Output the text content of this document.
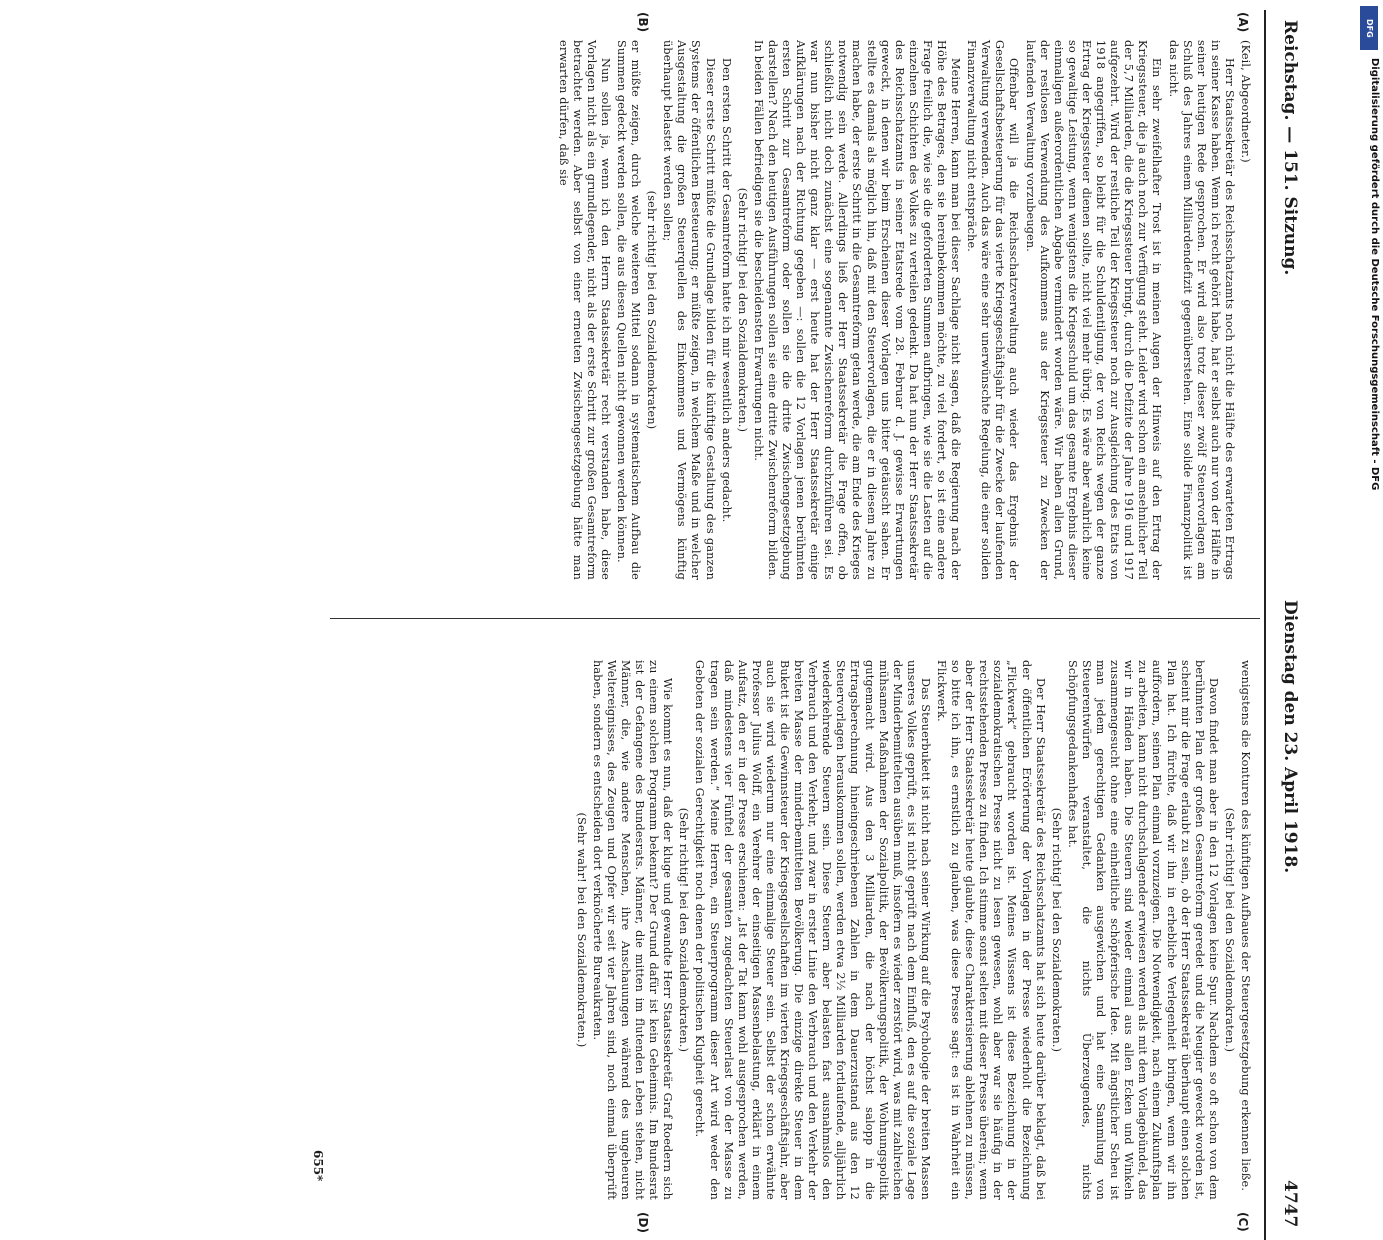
Reichstag. — 151. Sitzung.
Dienstag den 23. April 1918.
4747
(A)
(B)

(Keil, Abgeordneter.)

Herr Staatssekretär des Reichsschatzamts noch nicht die Hälfte des erwarteten Ertrags in seiner Kasse haben. Wenn ich recht gehört habe, hat er selbst auch nur von der Hälfte in seiner heutigen Rede gesprochen. Er wird also trotz dieser zwölf Steuervorlagen am Schluß des Jahres einem Milliardendefizit gegenüberstehen. Eine solide Finanzpolitik ist das nicht.

Ein sehr zweifelhafter Trost ist in meinen Augen der Hinweis auf den Ertrag der Kriegssteuer, die ja auch noch zur Verfügung steht. Leider wird schon ein ansehnlicher Teil der 5,7 Milliarden, die die Kriegssteuer bringt, durch die Defizite der Jahre 1916 und 1917 aufgezehrt. Wird der restliche Teil der Kriegssteuer noch zur Ausgleichung des Etats von 1918 angegriffen, so bleibt für die Schuldentilgung, der von Reichs wegen der ganze Ertrag der Kriegssteuer dienen sollte, nicht viel mehr übrig. Es wäre aber wahrlich keine so gewaltige Leistung, wenn wenigstens die Kriegsschuld um das gesamte Ergebnis dieser einmaligen außerordentlichen Abgabe vermindert worden wäre. Wir haben allen Grund, der restlosen Verwendung des Aufkommens aus der Kriegssteuer zu Zwecken der laufenden Verwaltung vorzubeugen.

Offenbar will ja die Reichsschatzverwaltung auch wieder das Ergebnis der Gesellschaftsbesteuerung für das vierte Kriegsgeschäftsjahr für die Zwecke der laufenden Verwaltung verwenden. Auch das wäre eine sehr unerwünschte Regelung, die einer soliden Finanzverwaltung nicht entspräche.

Meine Herren, kann man bei dieser Sachlage nicht sagen, daß die Regierung nach der Höhe des Betrages, den sie hereinbekommen möchte, zu viel fordert, so ist eine andere Frage freilich die, wie sie die geforderten Summen aufbringen, wie sie die Lasten auf die einzelnen Schichten des Volkes zu verteilen gedenkt. Da hat nun der Herr Staatssekretär des Reichsschatzamts in seiner Etatsrede vom 28. Februar d. J. gewisse Erwartungen geweckt, in denen wir beim Erscheinen dieser Vorlagen uns bitter getäuscht sahen. Er stellte es damals als möglich hin, daß mit den Steuervorlagen, die er in diesem Jahre zu machen habe, der erste Schritt in die Gesamtreform getan werde, die am Ende des Krieges notwendig sein werde. Allerdings ließ der Herr Staatssekretär die Frage offen, ob schließlich nicht doch zunächst eine sogenannte Zwischenreform durchzuführen sei. Es war nun bisher nicht ganz klar — erst heute hat der Herr Staatssekretär einige Aufklärungen nach der Richtung gegeben —: sollen die 12 Vorlagen jenen berühmten ersten Schritt zur Gesamtreform oder sollen sie die dritte Zwischengesetzgebung darstellen? Nach den heutigen Ausführungen sollen sie eine dritte Zwischenreform bilden. In beiden Fällen befriedigen sie die bescheidensten Erwartungen nicht.

(Sehr richtig! bei den Sozialdemokraten.)

Den ersten Schritt der Gesamtreform hatte ich mir wesentlich anders gedacht.

Dieser erste Schritt müßte die Grundlage bilden für die künftige Gestaltung des ganzen Systems der öffentlichen Besteuerung; er müßte zeigen, in welchem Maße und in welcher Ausgestaltung die großen Steuerquellen des Einkommens und Vermögens künftig überhaupt belastet werden sollen;

(sehr richtig! bei den Sozialdemokraten)

er müßte zeigen, durch welche weiteren Mittel sodann in systematischem Aufbau die Summen gedeckt werden sollen, die aus diesen Quellen nicht gewonnen werden können.

Nun sollen ja, wenn ich den Herrn Staatssekretär recht verstanden habe, diese Vorlagen nicht als ein grundlegender, nicht als der erste Schritt zur großen Gesamtreform betrachtet werden. Aber selbst von einer erneuten Zwischengesetzgebung hätte man erwarten dürfen, daß sie

wenigstens die Konturen des künftigen Aufbaues der Steuergesetzgebung erkennen ließe.

(Sehr richtig! bei den Sozialdemokraten.)

Davon findet man aber in den 12 Vorlagen keine Spur. Nachdem so oft schon von dem berühmten Plan der großen Gesamtreform geredet und die Neugier geweckt worden ist, scheint mir die Frage erlaubt zu sein, ob der Herr Staatssekretär überhaupt einen solchen Plan hat. Ich fürchte, daß wir ihn in erhebliche Verlegenheit bringen, wenn wir ihn auffordern, seinen Plan einmal vorzuzeigen. Die Notwendigkeit, nach einem Zukunftsplan zu arbeiten, kann nicht durchschlagender erwiesen werden als mit dem Vorlagebündel, das wir in Händen haben. Die Steuern sind wieder einmal aus allen Ecken und Winkeln zusammengesucht ohne eine einheitliche schöpferische Idee. Mit ängstlicher Scheu ist man jedem gerechtigen Gedanken ausgewichen und hat eine Sammlung von Steuerentwürfen veranstaltet, die nichts Überzeugendes, nichts Schöpfungsgedankenhaftes hat.

(Sehr richtig! bei den Sozialdemokraten.)

Der Herr Staatssekretär des Reichsschatzamts hat sich heute darüber beklagt, daß bei der öffentlichen Erörterung der Vorlagen in der Presse wiederholt die Bezeichnung „Flickwerk“ gebraucht worden ist. Meines Wissens ist diese Bezeichnung in der sozialdemokratischen Presse nicht zu lesen gewesen, wohl aber war sie häufig in der rechtsstehenden Presse zu finden. Ich stimme sonst selten mit dieser Presse überein; wenn aber der Herr Staatssekretär heute glaubte, diese Charakterisierung ablehnen zu müssen, so bitte ich ihn, es ernstlich zu glauben, was diese Presse sagt: es ist in Wahrheit ein Flickwerk.

Das Steuerbukett ist nicht nach seiner Wirkung auf die Psychologie der breiten Massen unseres Volkes geprüft, es ist nicht geprüft nach dem Einfluß, den es auf die soziale Lage der Minderbemittelten ausüben muß, insofern es wieder zerstört wird, was mit zahlreichen mühsamen Maßnahmen der Sozialpolitik, der Bevölkerungspolitik, der Wohnungspolitik gutgemacht wird. Aus den 3 Milliarden, die nach der höchst salopp in die Ertragsberechnung hineingeschriebenen Zahlen in dem Dauerzustand aus den 12 Steuervorlagen herauskommen sollen, werden etwa 2½ Milliarden fortlaufende, alljährlich wiederkehrende Steuern sein. Diese Steuern aber belasten fast ausnahmslos den Verbrauch und den Verkehr, und zwar in erster Linie den Verbrauch und den Verkehr der breiten Masse der minderbemittelten Bevölkerung. Die einzige direkte Steuer in dem Bukett ist die Gewinnsteuer der Kriegsgesellschaften im vierten Kriegsgeschäftsjahr, aber auch sie wird wiederum nur eine einmalige Steuer sein. Selbst der schon erwähnte Professor Julius Wolff, ein Verehrer der einseitigen Massenbelastung, erklärt in einem Aufsatz, den er in der Presse erschienen: „Ist der Tat kann wohl ausgesprochen werden, daß mindestens vier Fünftel der gesamten zugedachten Steuerlast von der Masse zu tragen sein werden.“ Meine Herren, ein Steuerprogramm dieser Art wird weder den Geboten der sozialen Gerechtigkeit noch denen der politischen Klugheit gerecht.

(Sehr richtig! bei den Sozialdemokraten.)

Wie kommt es nun, daß der kluge und gewandte Herr Staatssekretär Graf Roedern sich zu einem solchen Programm bekennt? Der Grund dafür ist kein Geheimnis. Im Bundesrat ist der Gefangene des Bundesrats. Männer, die mitten im flutenden Leben stehen, nicht Männer, die, wie andere Menschen, ihre Anschauungen während des ungeheuren Weltereignisses, des Zeugen und Opfer wir seit vier Jahren sind, noch einmal überprüft haben, sondern es entscheiden dort verknöcherte Bureaukraten.

(Sehr wahr! bei den Sozialdemokraten.)

(C)
(D)
655*
DFG
Digitalisierung gefördert durch die Deutsche Forschungsgemeinschaft - DFG
